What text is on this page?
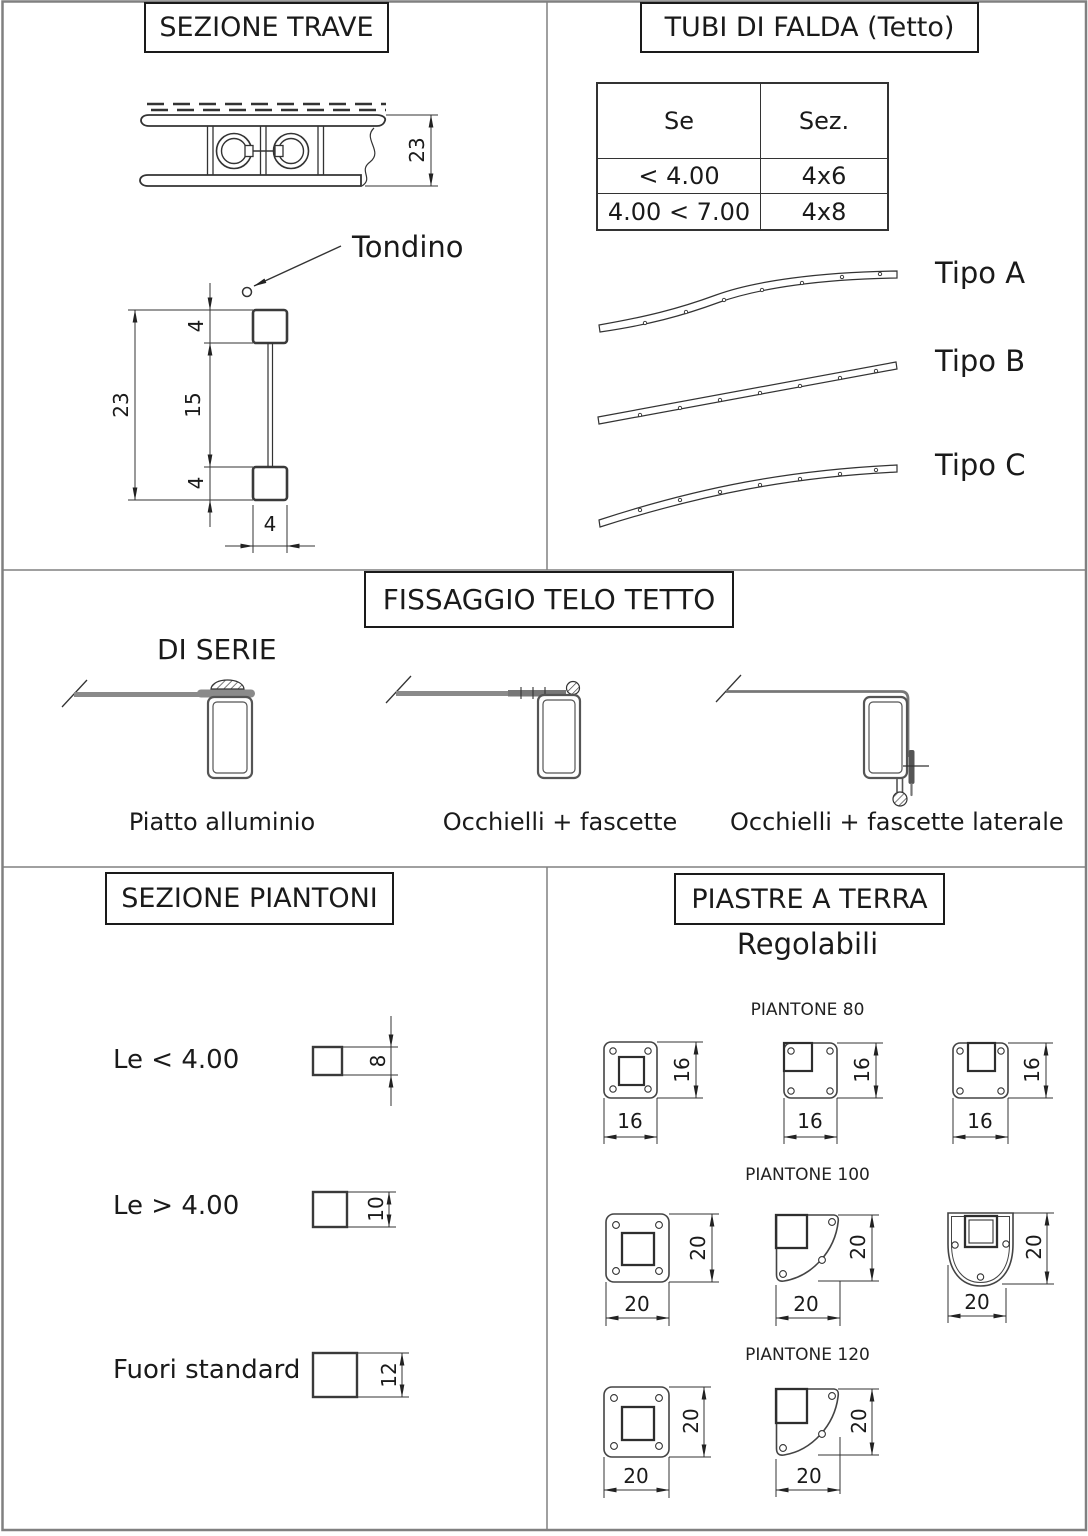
SEZIONE TRAVE	TUBI DI FALDA (Tetto)
FISSAGGIO TELO TETTO
SEZIONE PIANTONI	PIASTRE A TERRA
Se	Sez.
< 4.00	4x6
4.00 < 7.00	4x8
Tondino
Tipo A
Tipo B
Tipo C
DI SERIE
Piatto alluminio	Occhielli + fascette	Occhielli + fascette laterale
Le < 4.00
Le > 4.00
Fuori standard
Regolabili
PIANTONE 80
PIANTONE 100
PIANTONE 120
23
23
4
15
4
4
8
10
12
16
16
16
16
16
16
20
20
20
20
20
20
20
20
20
20
